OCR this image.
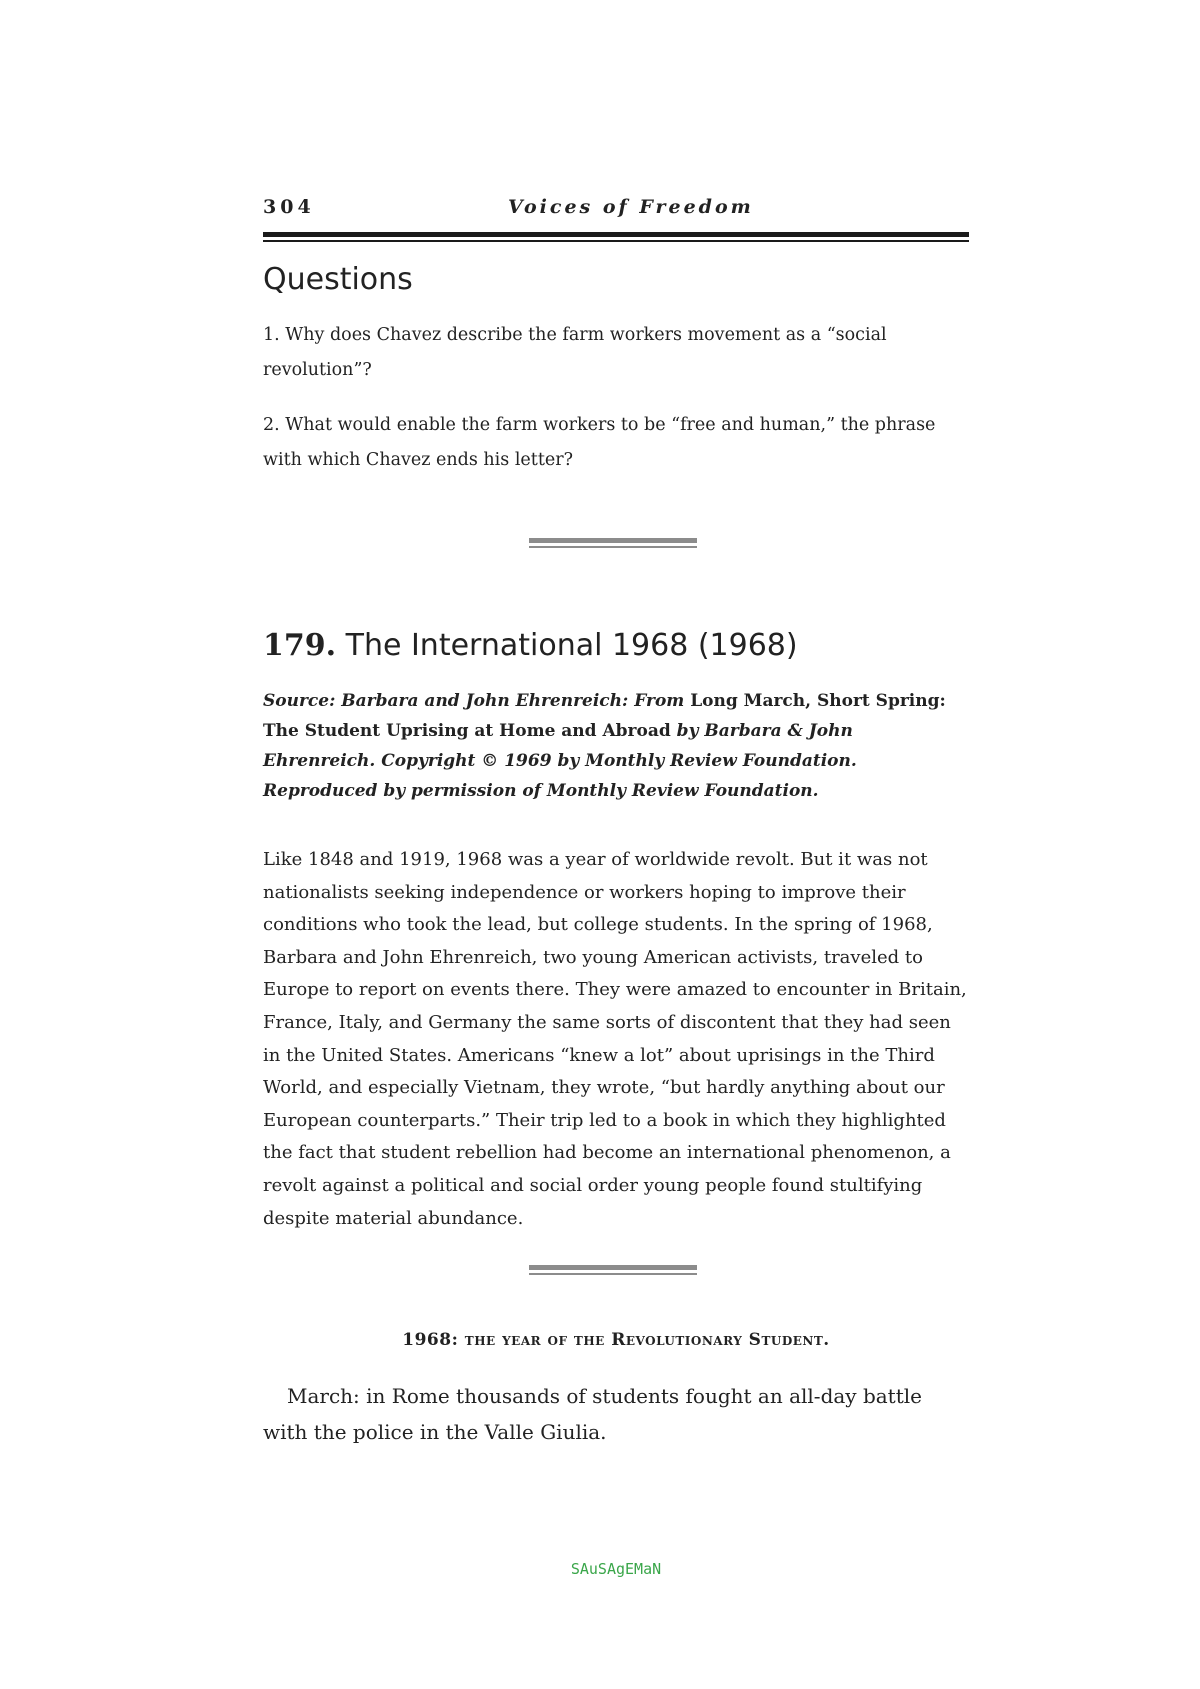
304	Voices of Freedom
Questions
1. Why does Chavez describe the farm workers movement as a “social revolution”?
2. What would enable the farm workers to be “free and human,” the phrase with which Chavez ends his letter?
179. The International 1968 (1968)
Source: Barbara and John Ehrenreich: From Long March, Short Spring:
The Student Uprising at Home and Abroad by Barbara & John Ehrenreich. Copyright © 1969 by Monthly Review Foundation. Reproduced by permission of Monthly Review Foundation.
Like 1848 and 1919, 1968 was a year of worldwide revolt. But it was not nationalists seeking independence or workers hoping to improve their conditions who took the lead, but college students. In the spring of 1968, Barbara and John Ehrenreich, two young American activists, traveled to Europe to report on events there. They were amazed to encounter in Britain, France, Italy, and Germany the same sorts of discontent that they had seen in the United States. Americans “knew a lot” about uprisings in the Third World, and especially Vietnam, they wrote, “but hardly anything about our European counterparts.” Their trip led to a book in which they highlighted the fact that student rebellion had become an international phenomenon, a revolt against a political and social order young people found stultifying despite material abundance.
1968: the year of the Revolutionary Student.
March: in Rome thousands of students fought an all-day battle with the police in the Valle Giulia.
SAuSAgEMaN
